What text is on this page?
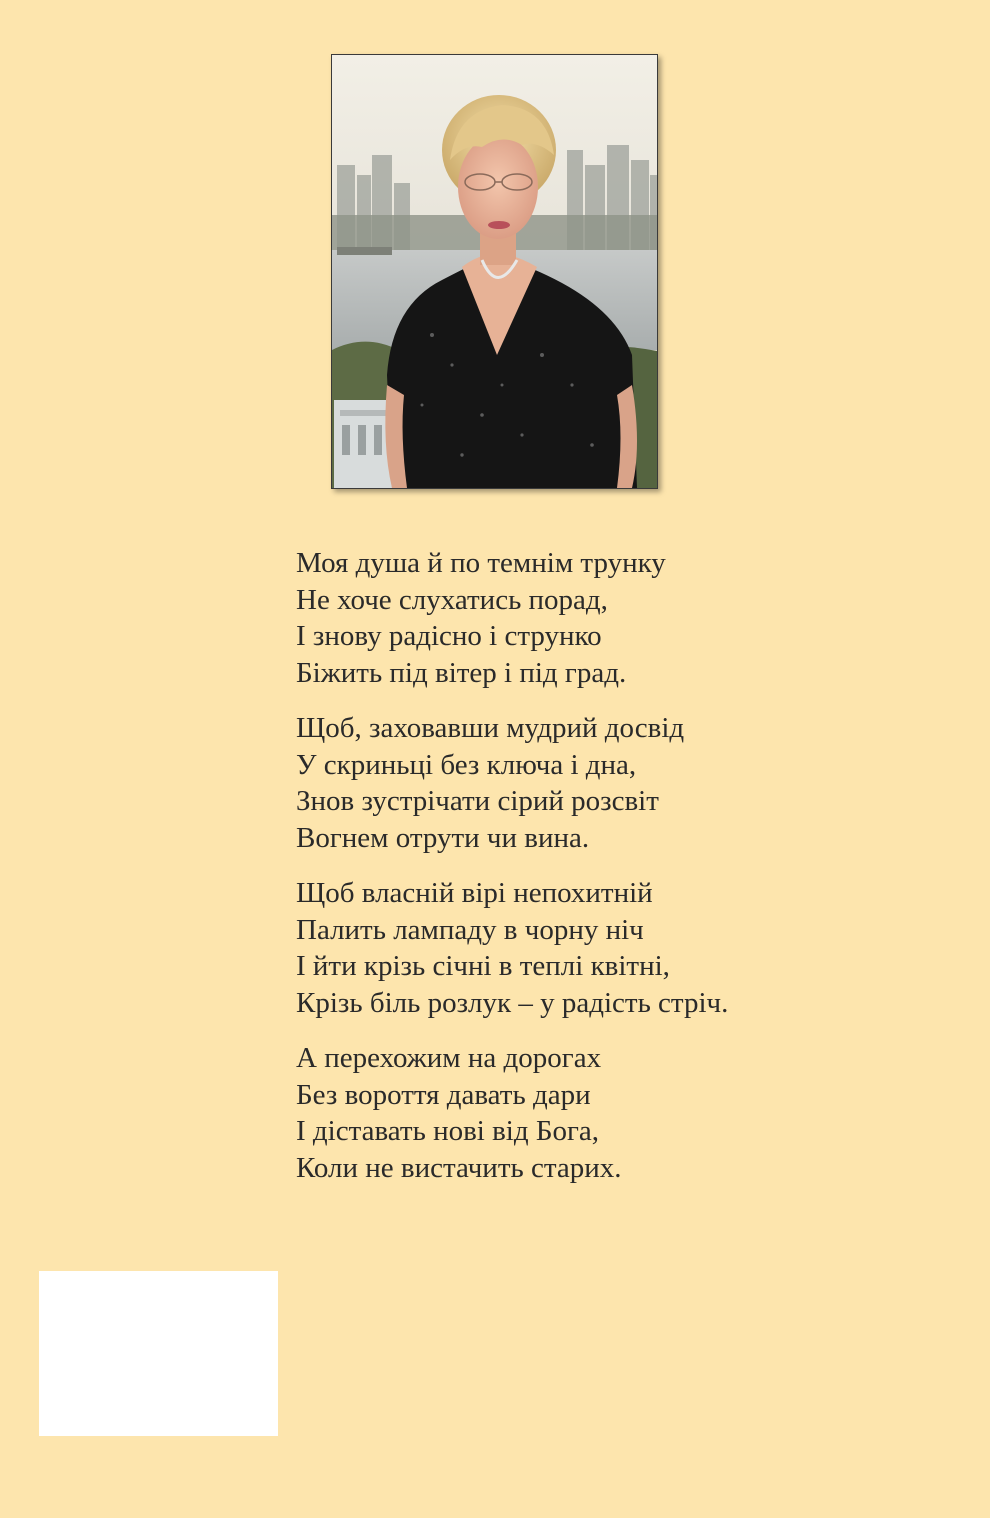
Моя душа й по темнім трунку
Не хоче слухатись порад,
І знову радісно і струнко
Біжить під вітер і під град.
Щоб, заховавши мудрий досвід
У скриньці без ключа і дна,
Знов зустрічати сірий розсвіт
Вогнем отрути чи вина.
Щоб власній вірі непохитній
Палить лампаду в чорну ніч
І йти крізь січні в теплі квітні,
Крізь біль розлук – у радість стріч.
А перехожим на дорогах
Без вороття давать дари
І діставать нові від Бога,
Коли не вистачить старих.
